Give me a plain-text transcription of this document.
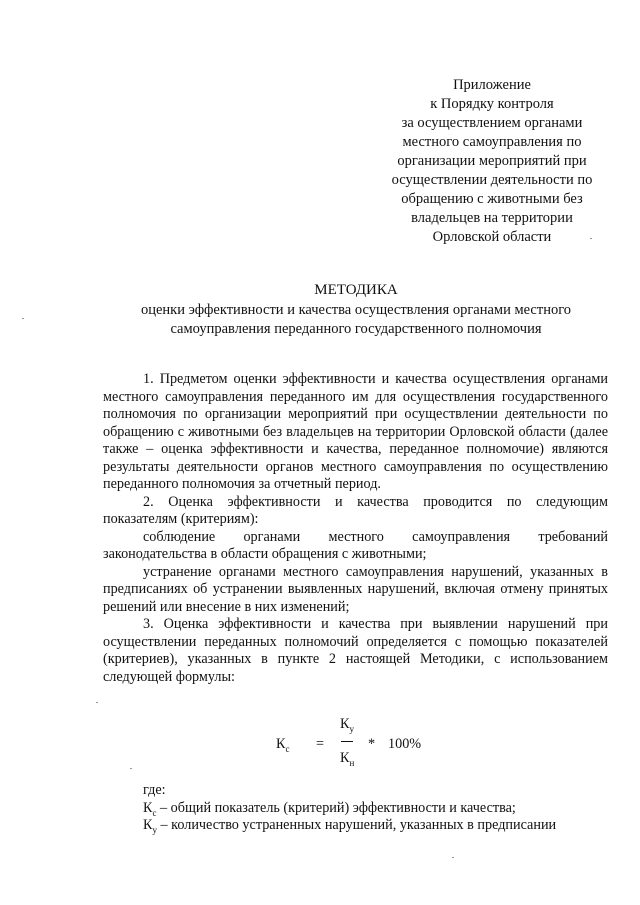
Приложение
к Порядку контроля
за осуществлением органами
местного самоуправления по
организации мероприятий при
осуществлении деятельности по
обращению с животными без
владельцев на территории
Орловской области
МЕТОДИКА
оценки эффективности и качества осуществления органами местного самоуправления переданного государственного полномочия

1. Предметом оценки эффективности и качества осуществления органами местного самоуправления переданного им для осуществления государственного полномочия по организации мероприятий при осуществлении деятельности по обращению с животными без владельцев на территории Орловской области (далее также – оценка эффективности и качества, переданное полномочие) являются результаты деятельности органов местного самоуправления по осуществлению переданного полномочия за отчетный период.

2. Оценка эффективности и качества проводится по следующим показателям (критериям):

соблюдение органами местного самоуправления требований законодательства в области обращения с животными;

устранение органами местного самоуправления нарушений, указанных в предписаниях об устранении выявленных нарушений, включая отмену принятых решений или внесение в них изменений;

3. Оценка эффективности и качества при выявлении нарушений при осуществлении переданных полномочий определяется с помощью показателей (критериев), указанных в пункте 2 настоящей Методики, с использованием следующей формулы:

$К_с$ =
$К_у$
$К_н$
* 100%

где:

$К_с$ – общий показатель (критерий) эффективности и качества;

$К_у$ – количество устраненных нарушений, указанных в предписании
